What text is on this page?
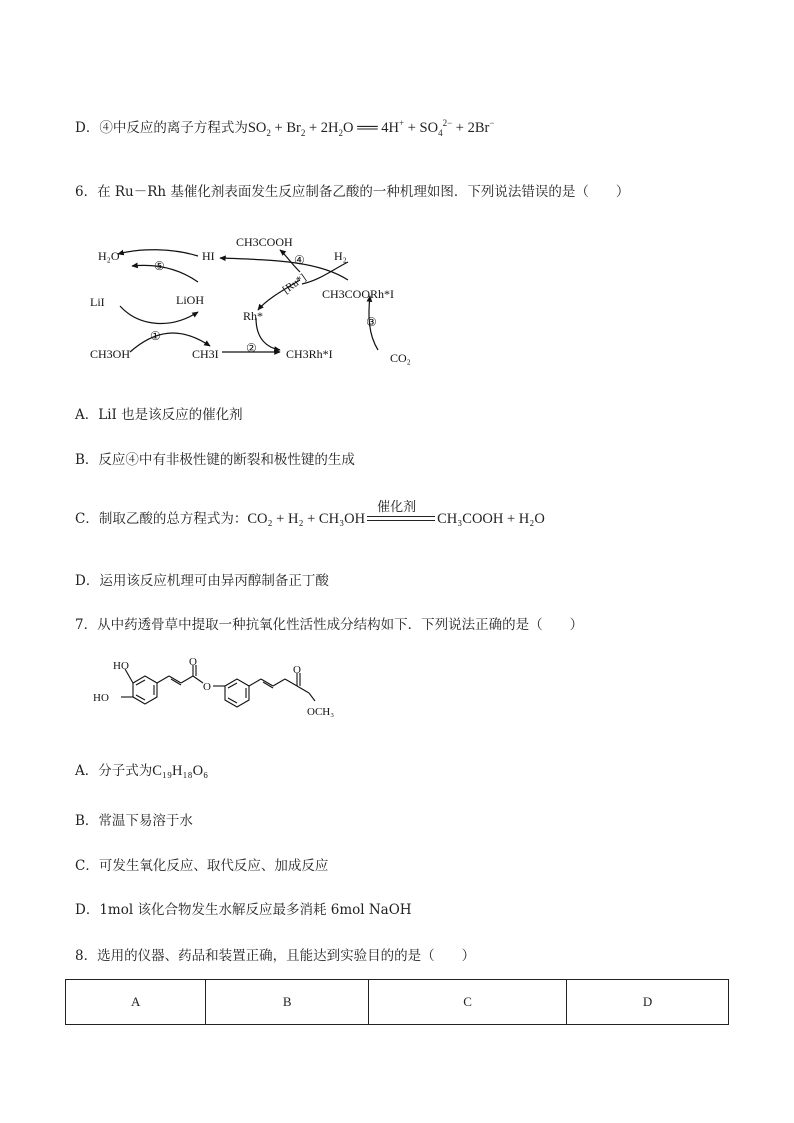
D．④中反应的离子方程式为$SO_2 + Br_2 + 2H_2O$ ══ $4H^+ + SO_4^{2-} + 2Br^-$
6．在 Ru－Rh 基催化剂表面发生反应制备乙酸的一种机理如图．下列说法错误的是（　　）
H₂O
⑤
HI
CH3COOH
H₂
④
[Ru*]
LiI	LiOH	CH3COORh*I
Rh*
①
③
CH3OH	CH3I ② CH3Rh*I	CO₂
A．LiI 也是该反应的催化剂
B．反应④中有非极性键的断裂和极性键的生成
C．制取乙酸的总方程式为：CO₂ + H₂ + CH₃OH
催化剂
CH₃COOH + H₂O
D．运用该反应机理可由异丙醇制备正丁酸
7．从中药透骨草中提取一种抗氧化性活性成分结构如下．下列说法正确的是（　　）
HO
HO
O
O
O
OCH₃
A．分子式为C₁₉H₁₈O₆
B．常温下易溶于水
C．可发生氧化反应、取代反应、加成反应
D．1mol 该化合物发生水解反应最多消耗 6mol NaOH
8．选用的仪器、药品和装置正确，且能达到实验目的的是（　　）
A	B	C	D
